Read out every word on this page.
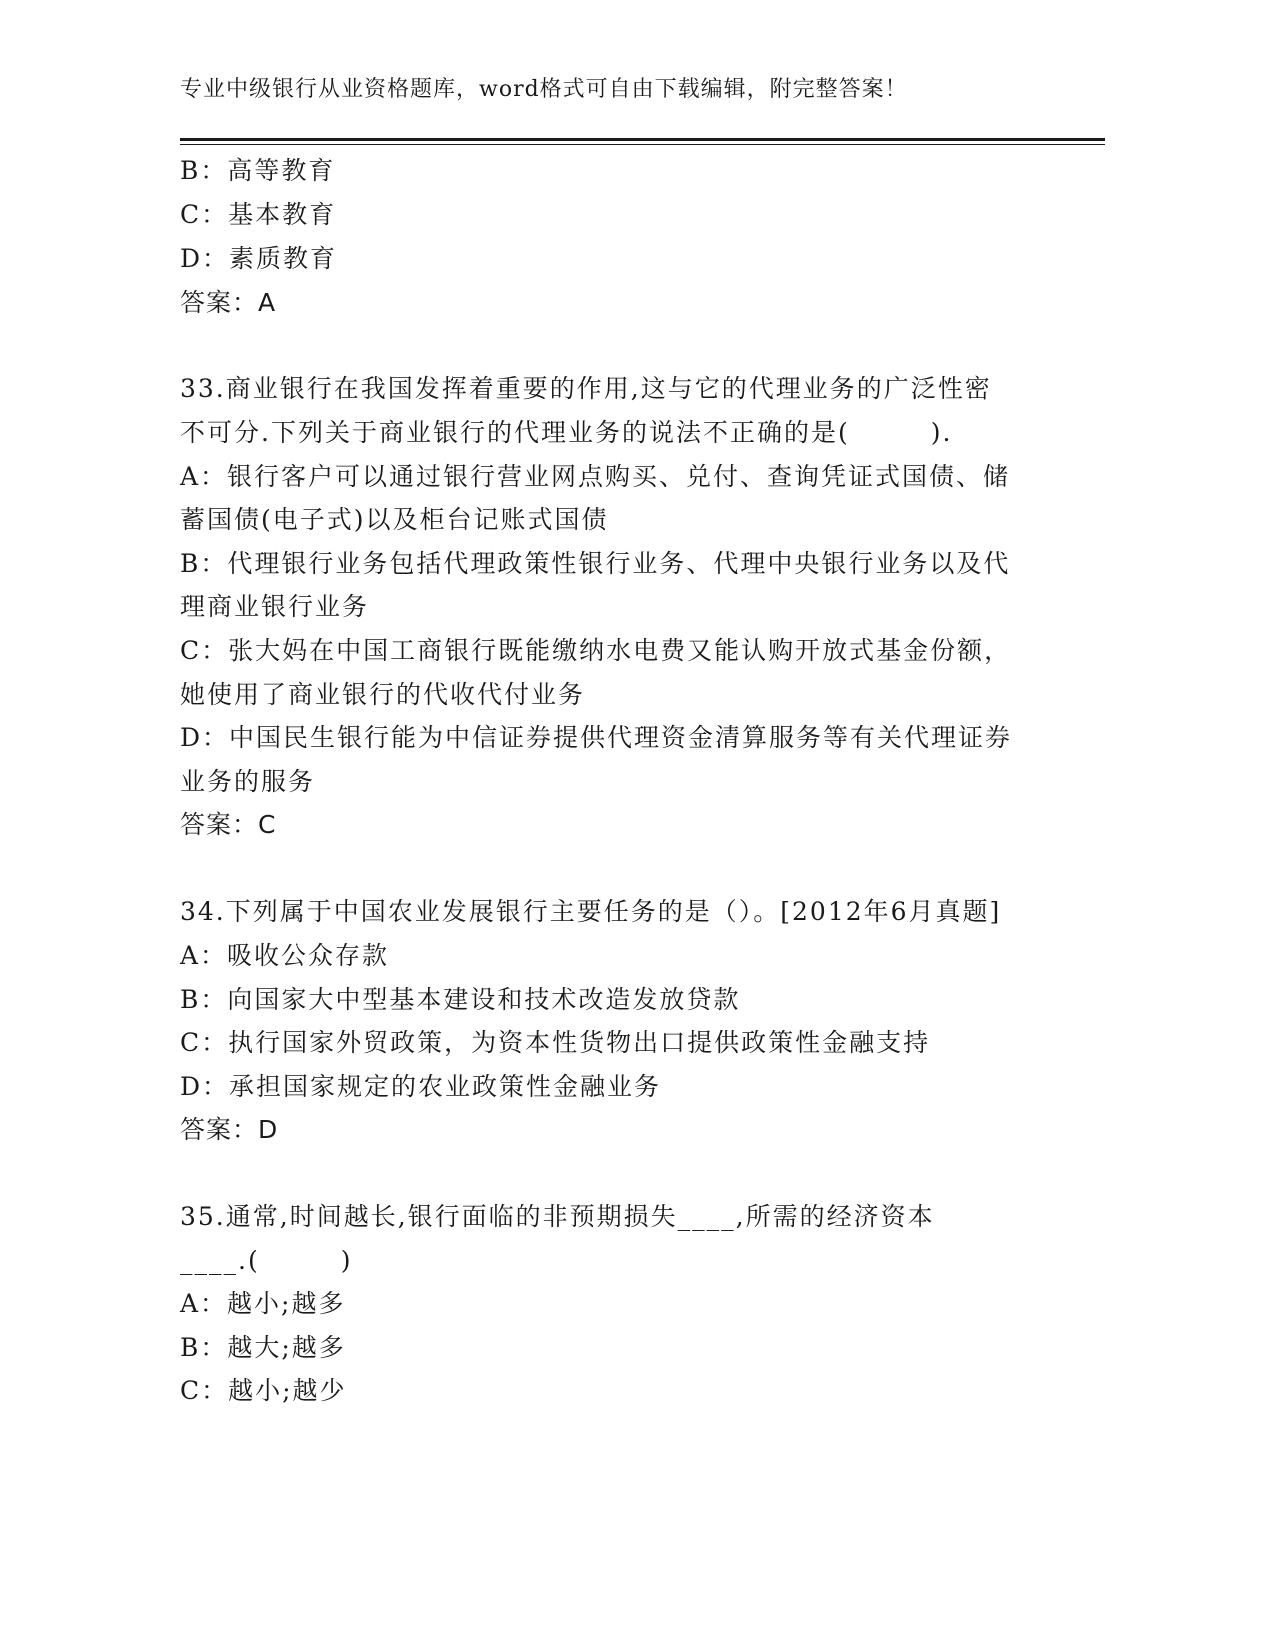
专业中级银行从业资格题库，word格式可自由下载编辑，附完整答案！
B：高等教育
C：基本教育
D：素质教育
答案：A
33.商业银行在我国发挥着重要的作用,这与它的代理业务的广泛性密
不可分.下列关于商业银行的代理业务的说法不正确的是(　　　).
A：银行客户可以通过银行营业网点购买、兑付、查询凭证式国债、储
蓄国债(电子式)以及柜台记账式国债
B：代理银行业务包括代理政策性银行业务、代理中央银行业务以及代
理商业银行业务
C：张大妈在中国工商银行既能缴纳水电费又能认购开放式基金份额，
她使用了商业银行的代收代付业务
D：中国民生银行能为中信证券提供代理资金清算服务等有关代理证券
业务的服务
答案：C
34.下列属于中国农业发展银行主要任务的是（）。[2012年6月真题]
A：吸收公众存款
B：向国家大中型基本建设和技术改造发放贷款
C：执行国家外贸政策，为资本性货物出口提供政策性金融支持
D：承担国家规定的农业政策性金融业务
答案：D
35.通常,时间越长,银行面临的非预期损失____,所需的经济资本
____.(　　　)
A：越小;越多
B：越大;越多
C：越小;越少
